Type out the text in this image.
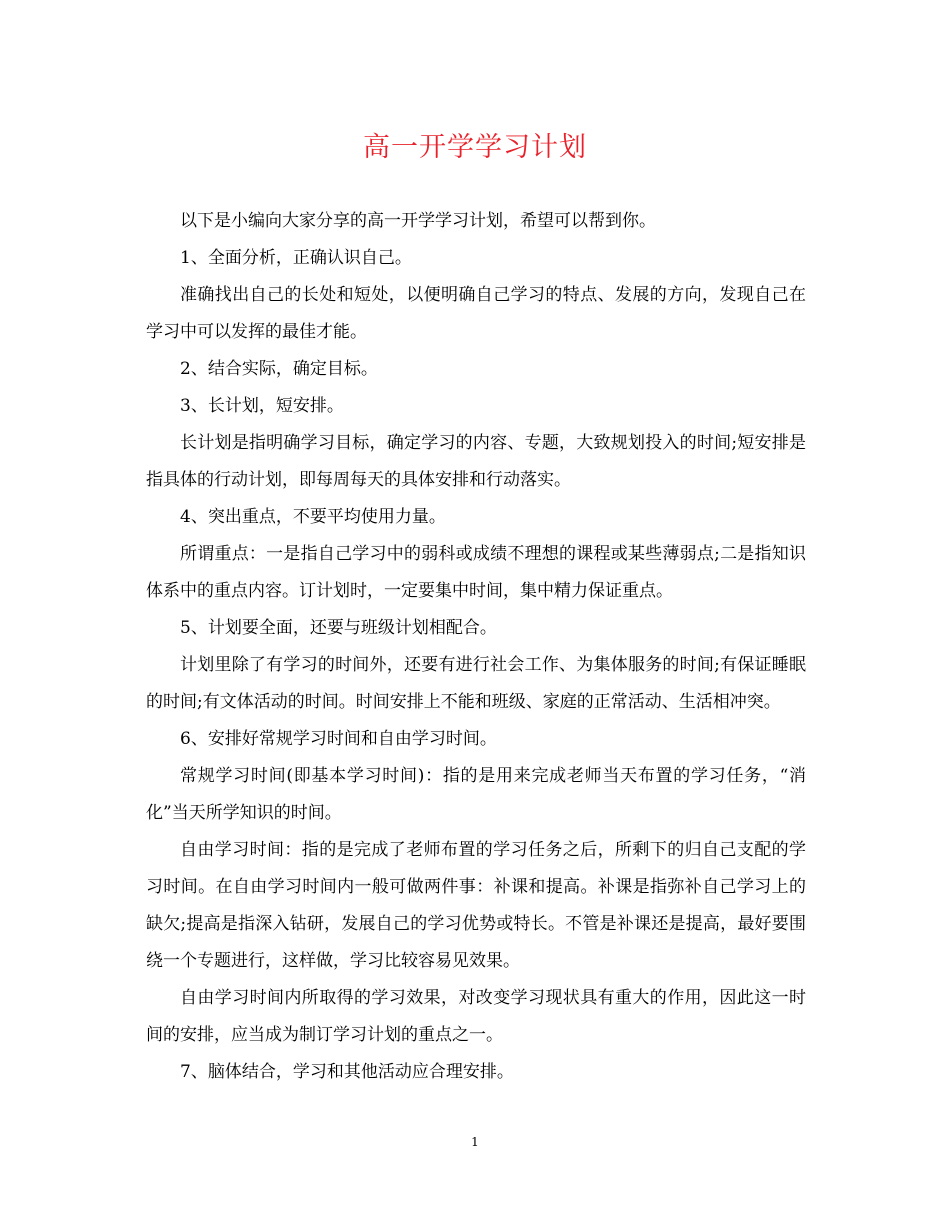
高一开学学习计划

以下是小编向大家分享的高一开学学习计划，希望可以帮到你。

1、全面分析，正确认识自己。

准确找出自己的长处和短处，以便明确自己学习的特点、发展的方向，发现自己在学习中可以发挥的最佳才能。

2、结合实际，确定目标。

3、长计划，短安排。

长计划是指明确学习目标，确定学习的内容、专题，大致规划投入的时间;短安排是指具体的行动计划，即每周每天的具体安排和行动落实。

4、突出重点，不要平均使用力量。

所谓重点：一是指自己学习中的弱科或成绩不理想的课程或某些薄弱点;二是指知识体系中的重点内容。订计划时，一定要集中时间，集中精力保证重点。

5、计划要全面，还要与班级计划相配合。

计划里除了有学习的时间外，还要有进行社会工作、为集体服务的时间;有保证睡眠的时间;有文体活动的时间。时间安排上不能和班级、家庭的正常活动、生活相冲突。

6、安排好常规学习时间和自由学习时间。

常规学习时间(即基本学习时间)：指的是用来完成老师当天布置的学习任务，“消化”当天所学知识的时间。

自由学习时间：指的是完成了老师布置的学习任务之后，所剩下的归自己支配的学习时间。在自由学习时间内一般可做两件事：补课和提高。补课是指弥补自己学习上的缺欠;提高是指深入钻研，发展自己的学习优势或特长。不管是补课还是提高，最好要围绕一个专题进行，这样做，学习比较容易见效果。

自由学习时间内所取得的学习效果，对改变学习现状具有重大的作用，因此这一时间的安排，应当成为制订学习计划的重点之一。

7、脑体结合，学习和其他活动应合理安排。

1
